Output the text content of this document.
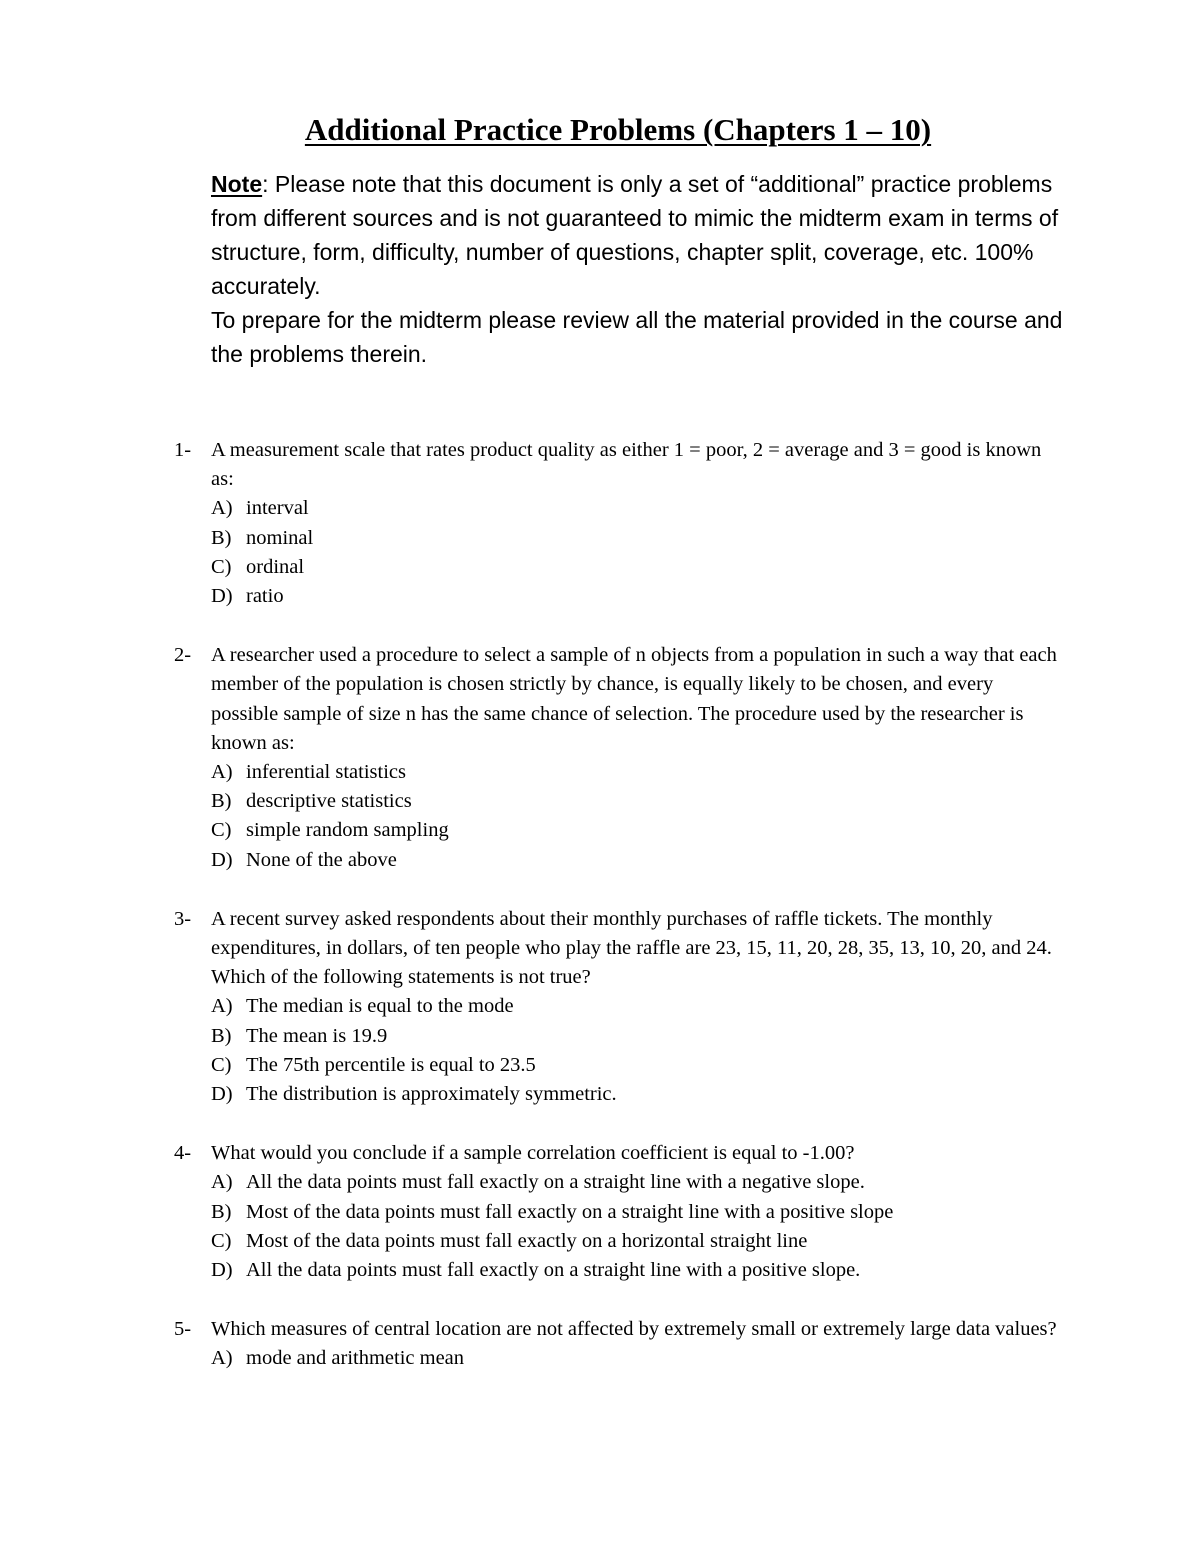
Additional Practice Problems (Chapters 1 – 10)

Note: Please note that this document is only a set of “additional” practice problems from different sources and is not guaranteed to mimic the midterm exam in terms of structure, form, difficulty, number of questions, chapter split, coverage, etc. 100% accurately.

To prepare for the midterm please review all the material provided in the course and the problems therein.

1- A measurement scale that rates product quality as either 1 = poor, 2 = average and 3 = good is known as:
A) interval
B) nominal
C) ordinal
D) ratio
2- A researcher used a procedure to select a sample of n objects from a population in such a way that each member of the population is chosen strictly by chance, is equally likely to be chosen, and every possible sample of size n has the same chance of selection. The procedure used by the researcher is known as:
A) inferential statistics
B) descriptive statistics
C) simple random sampling
D) None of the above
3- A recent survey asked respondents about their monthly purchases of raffle tickets. The monthly expenditures, in dollars, of ten people who play the raffle are 23, 15, 11, 20, 28, 35, 13, 10, 20, and 24. Which of the following statements is not true?
A) The median is equal to the mode
B) The mean is 19.9
C) The 75th percentile is equal to 23.5
D) The distribution is approximately symmetric.
4- What would you conclude if a sample correlation coefficient is equal to -1.00?
A) All the data points must fall exactly on a straight line with a negative slope.
B) Most of the data points must fall exactly on a straight line with a positive slope
C) Most of the data points must fall exactly on a horizontal straight line
D) All the data points must fall exactly on a straight line with a positive slope.
5- Which measures of central location are not affected by extremely small or extremely large data values?
A) mode and arithmetic mean
